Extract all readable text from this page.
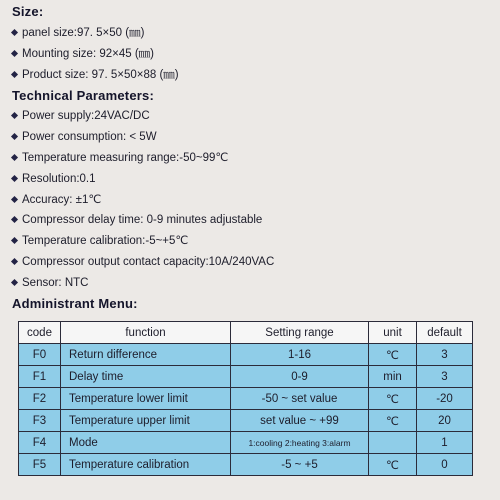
Size:
panel size:97. 5×50 (㎜)
Mounting size: 92×45 (㎜)
Product size: 97. 5×50×88 (㎜)
Technical Parameters:
Power supply:24VAC/DC
Power consumption: < 5W
Temperature measuring range:-50~99℃
Resolution:0.1
Accuracy: ±1℃
Compressor delay time: 0-9 minutes adjustable
Temperature calibration:-5~+5℃
Compressor output contact capacity:10A/240VAC
Sensor: NTC
Administrant Menu:
code	function	Setting range	unit	default
F0	Return difference	1-16	℃	3
F1	Delay time	0-9	min	3
F2	Temperature lower limit	-50 ~ set value	℃	-20
F3	Temperature upper limit	set value ~ +99	℃	20
F4	Mode	1:cooling 2:heating 3:alarm		1
F5	Temperature calibration	-5 ~ +5	℃	0
